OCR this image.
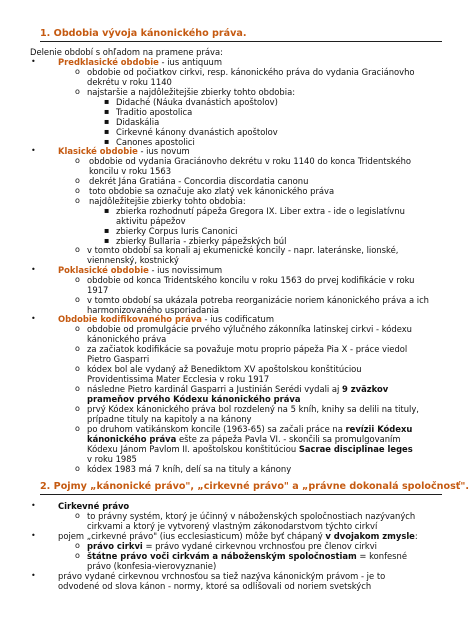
1. Obdobia vývoja kánonického práva.
Delenie období s ohľadom na pramene práva:
•	Predklasické obdobie - ius antiquum
o obdobie od počiatkov cirkvi, resp. kánonického práva do vydania Graciánovho
dekrétu v roku 1140
o najstaršie a najdôležitejšie zbierky tohto obdobia:
▪ Didaché (Náuka dvanástich apoštolov)
▪ Traditio apostolica
▪ Didaskália
▪ Cirkevné kánony dvanástich apoštolov
▪ Canones apostolici
•	Klasické obdobie - ius novum
o obdobie od vydania Graciánovho dekrétu v roku 1140 do konca Tridentského
koncilu v roku 1563
o dekrét Jána Gratiána - Concordia discordatia canonu
o toto obdobie sa označuje ako zlatý vek kánonického práva
o najdôležitejšie zbierky tohto obdobia:
▪ zbierka rozhodnutí pápeža Gregora IX. Liber extra - ide o legislatívnu
aktivitu pápežov
▪ zbierky Corpus Iuris Canonici
▪ zbierky Bullaria - zbierky pápežských búl
o v tomto období sa konali aj ekumenické koncily - napr. lateránske, lionské,
viennenský, kostnický
•	Poklasické obdobie - ius novissimum
o obdobie od konca Tridentského koncilu v roku 1563 do prvej kodifikácie v roku
1917
o v tomto období sa ukázala potreba reorganizácie noriem kánonického práva a ich
harmonizovaného usporiadania
•	Obdobie kodifikovaného práva - ius codificatum
o obdobie od promulgácie prvého výlučného zákonníka latinskej cirkvi - kódexu
kánonického práva
o za začiatok kodifikácie sa považuje motu proprio pápeža Pia X - práce viedol
Pietro Gasparri
o kódex bol ale vydaný až Benediktom XV apoštolskou konštitúciou
Providentissima Mater Ecclesia v roku 1917
o následne Pietro kardinál Gasparri a Justinián Serédi vydali aj 9 zväzkov
prameňov prvého Kódexu kánonického práva
o prvý Kódex kánonického práva bol rozdelený na 5 kníh, knihy sa delili na tituly,
prípadne tituly na kapitoly a na kánony
o po druhom vatikánskom koncile (1963-65) sa začali práce na revízii Kódexu
kánonického práva ešte za pápeža Pavla VI. - skončili sa promulgovaním
Kódexu Jánom Pavlom II. apoštolskou konštitúciou Sacrae disciplinae leges
v roku 1985
o kódex 1983 má 7 kníh, delí sa na tituly a kánony
2. Pojmy „kánonické právo", „cirkevné právo" a „právne dokonalá spoločnosť".
•	Cirkevné právo
o to právny systém, ktorý je účinný v náboženských spoločnostiach nazývaných
cirkvami a ktorý je vytvorený vlastným zákonodarstvom týchto cirkví
•	pojem „cirkevné právo" (ius ecclesiasticum) môže byť chápaný v dvojakom zmysle:
o právo cirkvi = právo vydané cirkevnou vrchnosťou pre členov cirkvi
o štátne právo voči cirkvám a náboženským spoločnostiam = konfesné
právo (konfesia-vierovyznanie)
•	právo vydané cirkevnou vrchnosťou sa tiež nazýva kánonickým právom - je to
odvodené od slova kánon - normy, ktoré sa odlišovali od noriem svetských
